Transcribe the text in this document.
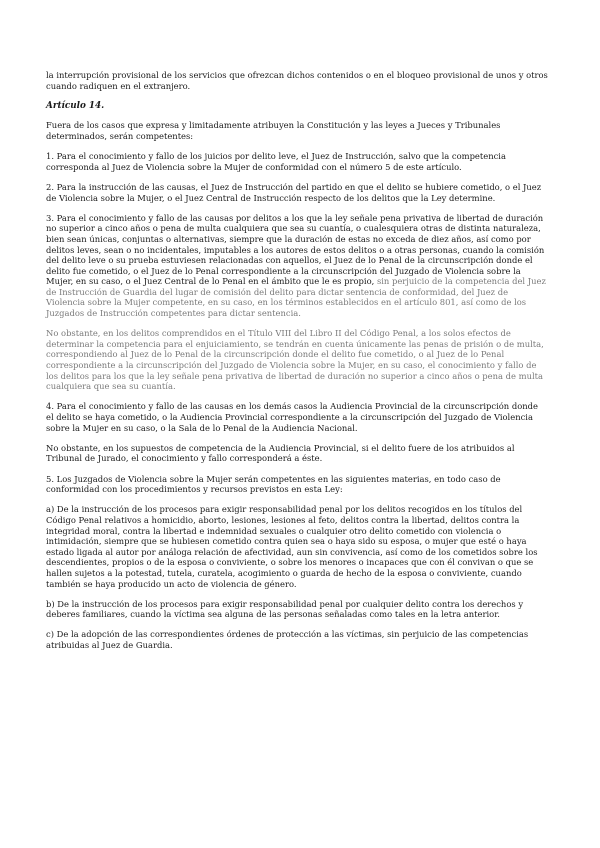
la interrupción provisional de los servicios que ofrezcan dichos contenidos o en el bloqueo provisional de unos y otros cuando radiquen en el extranjero.

Artículo 14.

Fuera de los casos que expresa y limitadamente atribuyen la Constitución y las leyes a Jueces y Tribunales determinados, serán competentes:

1. Para el conocimiento y fallo de los juicios por delito leve, el Juez de Instrucción, salvo que la competencia corresponda al Juez de Violencia sobre la Mujer de conformidad con el número 5 de este artículo.

2. Para la instrucción de las causas, el Juez de Instrucción del partido en que el delito se hubiere cometido, o el Juez de Violencia sobre la Mujer, o el Juez Central de Instrucción respecto de los delitos que la Ley determine.

3. Para el conocimiento y fallo de las causas por delitos a los que la ley señale pena privativa de libertad de duración no superior a cinco años o pena de multa cualquiera que sea su cuantía, o cualesquiera otras de distinta naturaleza, bien sean únicas, conjuntas o alternativas, siempre que la duración de estas no exceda de diez años, así como por delitos leves, sean o no incidentales, imputables a los autores de estos delitos o a otras personas, cuando la comisión del delito leve o su prueba estuviesen relacionadas con aquellos, el Juez de lo Penal de la circunscripción donde el delito fue cometido, o el Juez de lo Penal correspondiente a la circunscripción del Juzgado de Violencia sobre la Mujer, en su caso, o el Juez Central de lo Penal en el ámbito que le es propio, sin perjuicio de la competencia del Juez de Instrucción de Guardia del lugar de comisión del delito para dictar sentencia de conformidad, del Juez de Violencia sobre la Mujer competente, en su caso, en los términos establecidos en el artículo 801, así como de los Juzgados de Instrucción competentes para dictar sentencia.

No obstante, en los delitos comprendidos en el Título VIII del Libro II del Código Penal, a los solos efectos de determinar la competencia para el enjuiciamiento, se tendrán en cuenta únicamente las penas de prisión o de multa, correspondiendo al Juez de lo Penal de la circunscripción donde el delito fue cometido, o al Juez de lo Penal correspondiente a la circunscripción del Juzgado de Violencia sobre la Mujer, en su caso, el conocimiento y fallo de los delitos para los que la ley señale pena privativa de libertad de duración no superior a cinco años o pena de multa cualquiera que sea su cuantía.

4. Para el conocimiento y fallo de las causas en los demás casos la Audiencia Provincial de la circunscripción donde el delito se haya cometido, o la Audiencia Provincial correspondiente a la circunscripción del Juzgado de Violencia sobre la Mujer en su caso, o la Sala de lo Penal de la Audiencia Nacional.

No obstante, en los supuestos de competencia de la Audiencia Provincial, si el delito fuere de los atribuidos al Tribunal de Jurado, el conocimiento y fallo corresponderá a éste.

5. Los Juzgados de Violencia sobre la Mujer serán competentes en las siguientes materias, en todo caso de conformidad con los procedimientos y recursos previstos en esta Ley:

a) De la instrucción de los procesos para exigir responsabilidad penal por los delitos recogidos en los títulos del Código Penal relativos a homicidio, aborto, lesiones, lesiones al feto, delitos contra la libertad, delitos contra la integridad moral, contra la libertad e indemnidad sexuales o cualquier otro delito cometido con violencia o intimidación, siempre que se hubiesen cometido contra quien sea o haya sido su esposa, o mujer que esté o haya estado ligada al autor por análoga relación de afectividad, aun sin convivencia, así como de los cometidos sobre los descendientes, propios o de la esposa o conviviente, o sobre los menores o incapaces que con él convivan o que se hallen sujetos a la potestad, tutela, curatela, acogimiento o guarda de hecho de la esposa o conviviente, cuando también se haya producido un acto de violencia de género.

b) De la instrucción de los procesos para exigir responsabilidad penal por cualquier delito contra los derechos y deberes familiares, cuando la víctima sea alguna de las personas señaladas como tales en la letra anterior.

c) De la adopción de las correspondientes órdenes de protección a las víctimas, sin perjuicio de las competencias atribuidas al Juez de Guardia.
